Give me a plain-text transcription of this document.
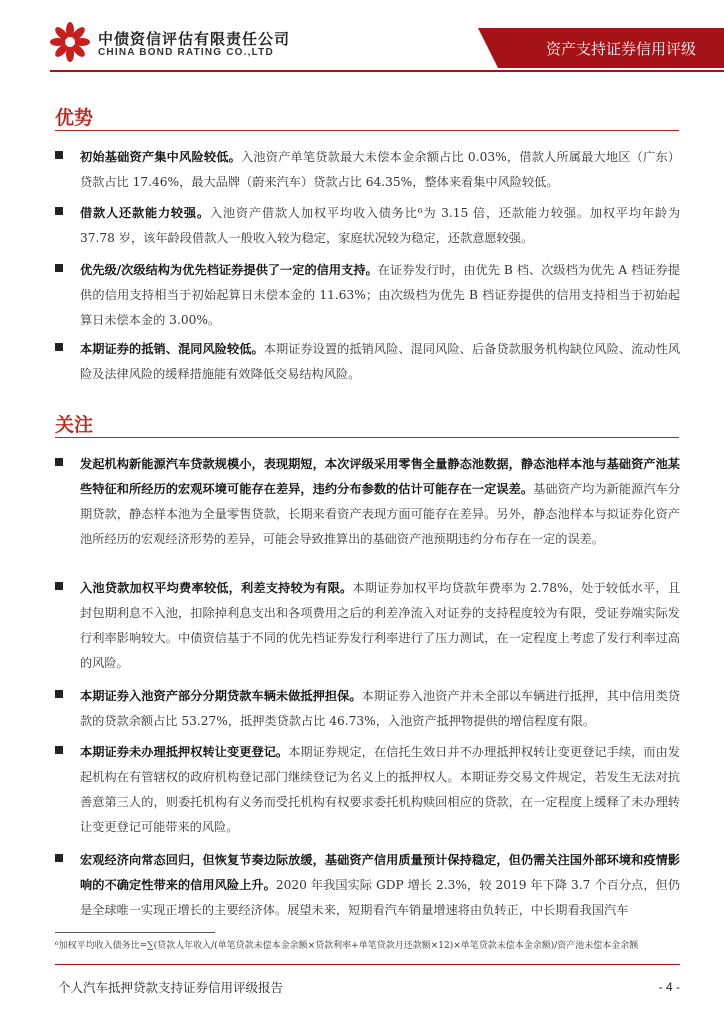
中债资信评估有限责任公司
CHINA BOND RATING CO.,LTD	资产支持证券信用评级
优势
初始基础资产集中风险较低。入池资产单笔贷款最大未偿本金余额占比 0.03%，借款人所属最大地区（广东）贷款占比 17.46%，最大品牌（蔚来汽车）贷款占比 64.35%，整体来看集中风险较低。
借款人还款能力较强。入池资产借款人加权平均收入债务比⁶为 3.15 倍，还款能力较强。加权平均年龄为 37.78 岁，该年龄段借款人一般收入较为稳定，家庭状况较为稳定，还款意愿较强。
优先级/次级结构为优先档证券提供了一定的信用支持。在证券发行时，由优先 B 档、次级档为优先 A 档证券提供的信用支持相当于初始起算日未偿本金的 11.63%；由次级档为优先 B 档证券提供的信用支持相当于初始起算日未偿本金的 3.00%。
本期证券的抵销、混同风险较低。本期证券设置的抵销风险、混同风险、后备贷款服务机构缺位风险、流动性风险及法律风险的缓释措施能有效降低交易结构风险。
关注
发起机构新能源汽车贷款规模小，表现期短，本次评级采用零售全量静态池数据，静态池样本池与基础资产池某些特征和所经历的宏观环境可能存在差异，违约分布参数的估计可能存在一定误差。基础资产均为新能源汽车分期贷款，静态样本池为全量零售贷款，长期来看资产表现方面可能存在差异。另外，静态池样本与拟证券化资产池所经历的宏观经济形势的差异，可能会导致推算出的基础资产池预期违约分布存在一定的误差。
入池贷款加权平均费率较低，利差支持较为有限。本期证券加权平均贷款年费率为 2.78%，处于较低水平，且封包期利息不入池，扣除掉利息支出和各项费用之后的利差净流入对证券的支持程度较为有限，受证券端实际发行利率影响较大。中债资信基于不同的优先档证券发行利率进行了压力测试，在一定程度上考虑了发行利率过高的风险。
本期证券入池资产部分分期贷款车辆未做抵押担保。本期证券入池资产并未全部以车辆进行抵押，其中信用类贷款的贷款余额占比 53.27%，抵押类贷款占比 46.73%，入池资产抵押物提供的增信程度有限。
本期证券未办理抵押权转让变更登记。本期证券规定，在信托生效日并不办理抵押权转让变更登记手续，而由发起机构在有管辖权的政府机构登记部门继续登记为名义上的抵押权人。本期证券交易文件规定，若发生无法对抗善意第三人的，则委托机构有义务而受托机构有权要求委托机构赎回相应的贷款，在一定程度上缓释了未办理转让变更登记可能带来的风险。
宏观经济向常态回归，但恢复节奏边际放缓，基础资产信用质量预计保持稳定，但仍需关注国外部环境和疫情影响的不确定性带来的信用风险上升。2020 年我国实际 GDP 增长 2.3%，较 2019 年下降 3.7 个百分点，但仍是全球唯一实现正增长的主要经济体。展望未来，短期看汽车销量增速将由负转正，中长期看我国汽车
⁶加权平均收入债务比=∑(贷款人年收入/(单笔贷款未偿本金余额×贷款利率+单笔贷款月还款额×12)×单笔贷款未偿本金余额)/资产池未偿本金余额
个人汽车抵押贷款支持证券信用评级报告	- 4 -
